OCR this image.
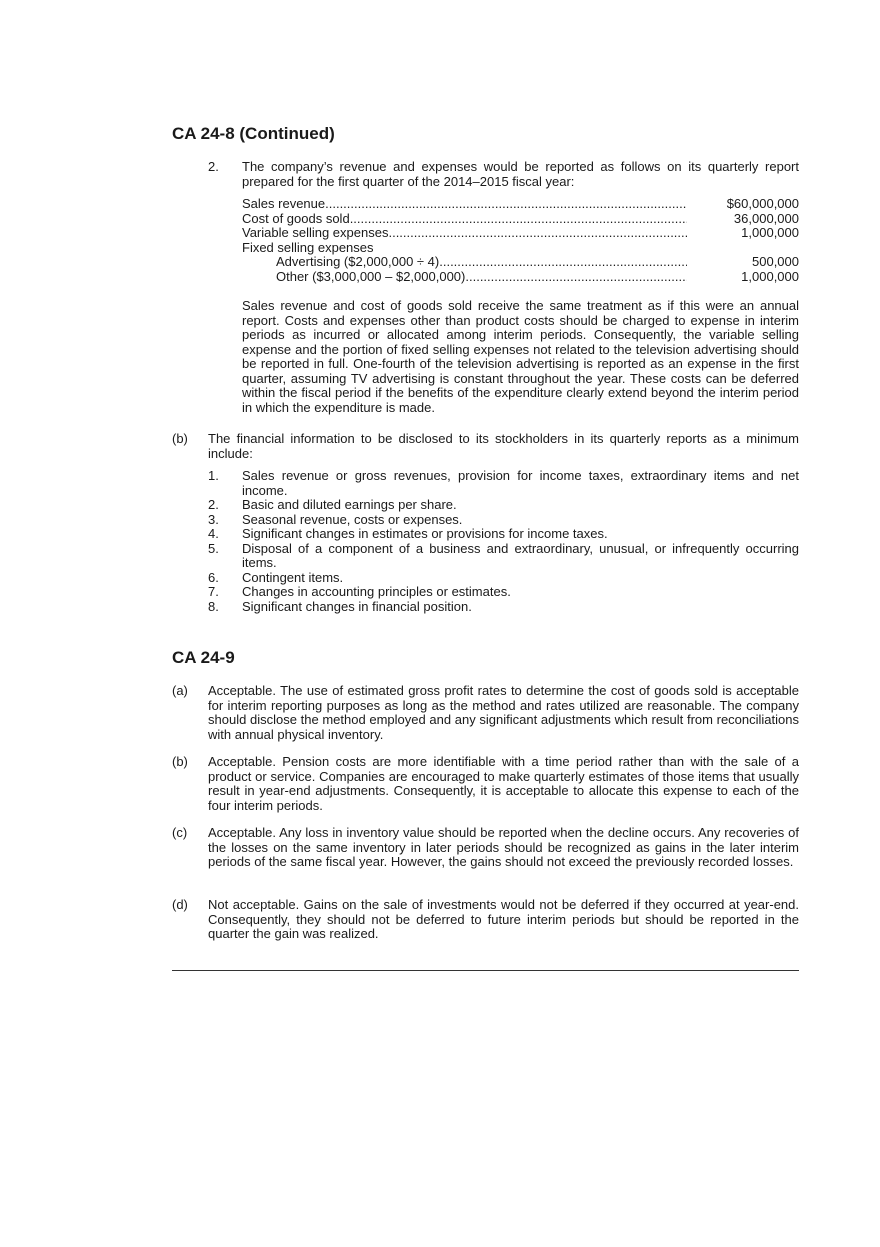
CA 24-8 (Continued)
2. The company’s revenue and expenses would be reported as follows on its quarterly report prepared for the first quarter of the 2014–2015 fiscal year:
Sales revenue .....	$60,000,000
Cost of goods sold .....	36,000,000
Variable selling expenses .....	1,000,000
Fixed selling expenses
Advertising ($2,000,000 ÷ 4) .....	500,000
Other ($3,000,000 – $2,000,000) .....	1,000,000
Sales revenue and cost of goods sold receive the same treatment as if this were an annual report. Costs and expenses other than product costs should be charged to expense in interim periods as incurred or allocated among interim periods. Consequently, the variable selling expense and the portion of fixed selling expenses not related to the television advertising should be reported in full. One-fourth of the television advertising is reported as an expense in the first quarter, assuming TV advertising is constant throughout the year. These costs can be deferred within the fiscal period if the benefits of the expenditure clearly extend beyond the interim period in which the expenditure is made.
(b)	The financial information to be disclosed to its stockholders in its quarterly reports as a minimum include:
1. Sales revenue or gross revenues, provision for income taxes, extraordinary items and net income.
2. Basic and diluted earnings per share.
3. Seasonal revenue, costs or expenses.
4. Significant changes in estimates or provisions for income taxes.
5. Disposal of a component of a business and extraordinary, unusual, or infrequently occurring items.
6. Contingent items.
7. Changes in accounting principles or estimates.
8. Significant changes in financial position.
CA 24-9
(a)	Acceptable. The use of estimated gross profit rates to determine the cost of goods sold is acceptable for interim reporting purposes as long as the method and rates utilized are reasonable. The company should disclose the method employed and any significant adjustments which result from reconciliations with annual physical inventory.
(b)	Acceptable. Pension costs are more identifiable with a time period rather than with the sale of a product or service. Companies are encouraged to make quarterly estimates of those items that usually result in year-end adjustments. Consequently, it is acceptable to allocate this expense to each of the four interim periods.
(c)	Acceptable. Any loss in inventory value should be reported when the decline occurs. Any recoveries of the losses on the same inventory in later periods should be recognized as gains in the later interim periods of the same fiscal year. However, the gains should not exceed the previously recorded losses.
(d)	Not acceptable. Gains on the sale of investments would not be deferred if they occurred at year-end. Consequently, they should not be deferred to future interim periods but should be reported in the quarter the gain was realized.
